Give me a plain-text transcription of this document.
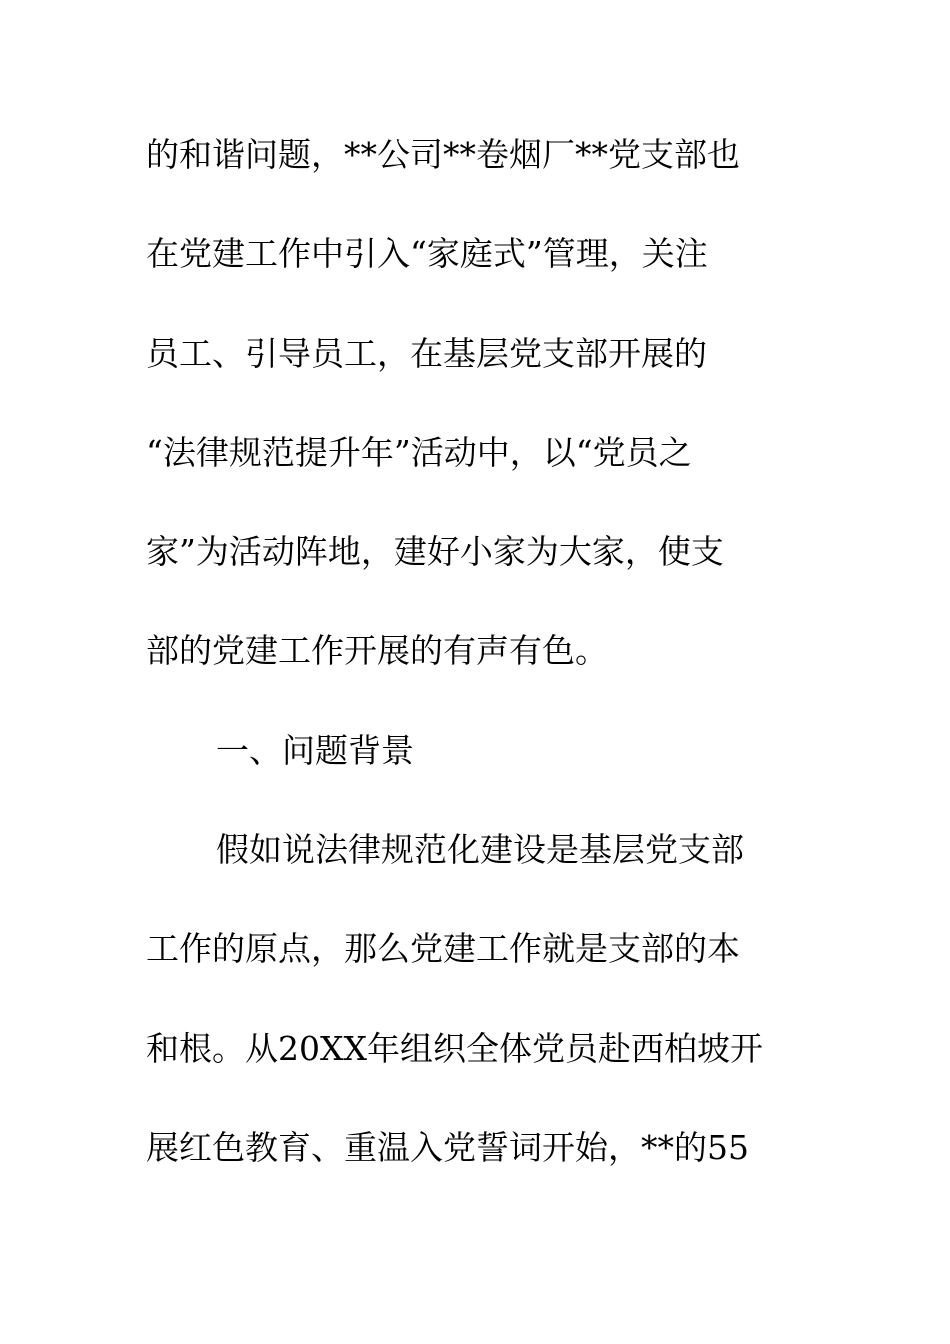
的和谐问题，**公司**卷烟厂**党支部也

在党建工作中引入“家庭式”管理，关注

员工、引导员工，在基层党支部开展的

“法律规范提升年”活动中，以“党员之

家”为活动阵地，建好小家为大家，使支

部的党建工作开展的有声有色。

一、问题背景

假如说法律规范化建设是基层党支部

工作的原点，那么党建工作就是支部的本

和根。从20XX年组织全体党员赴西柏坡开

展红色教育、重温入党誓词开始，**的55
